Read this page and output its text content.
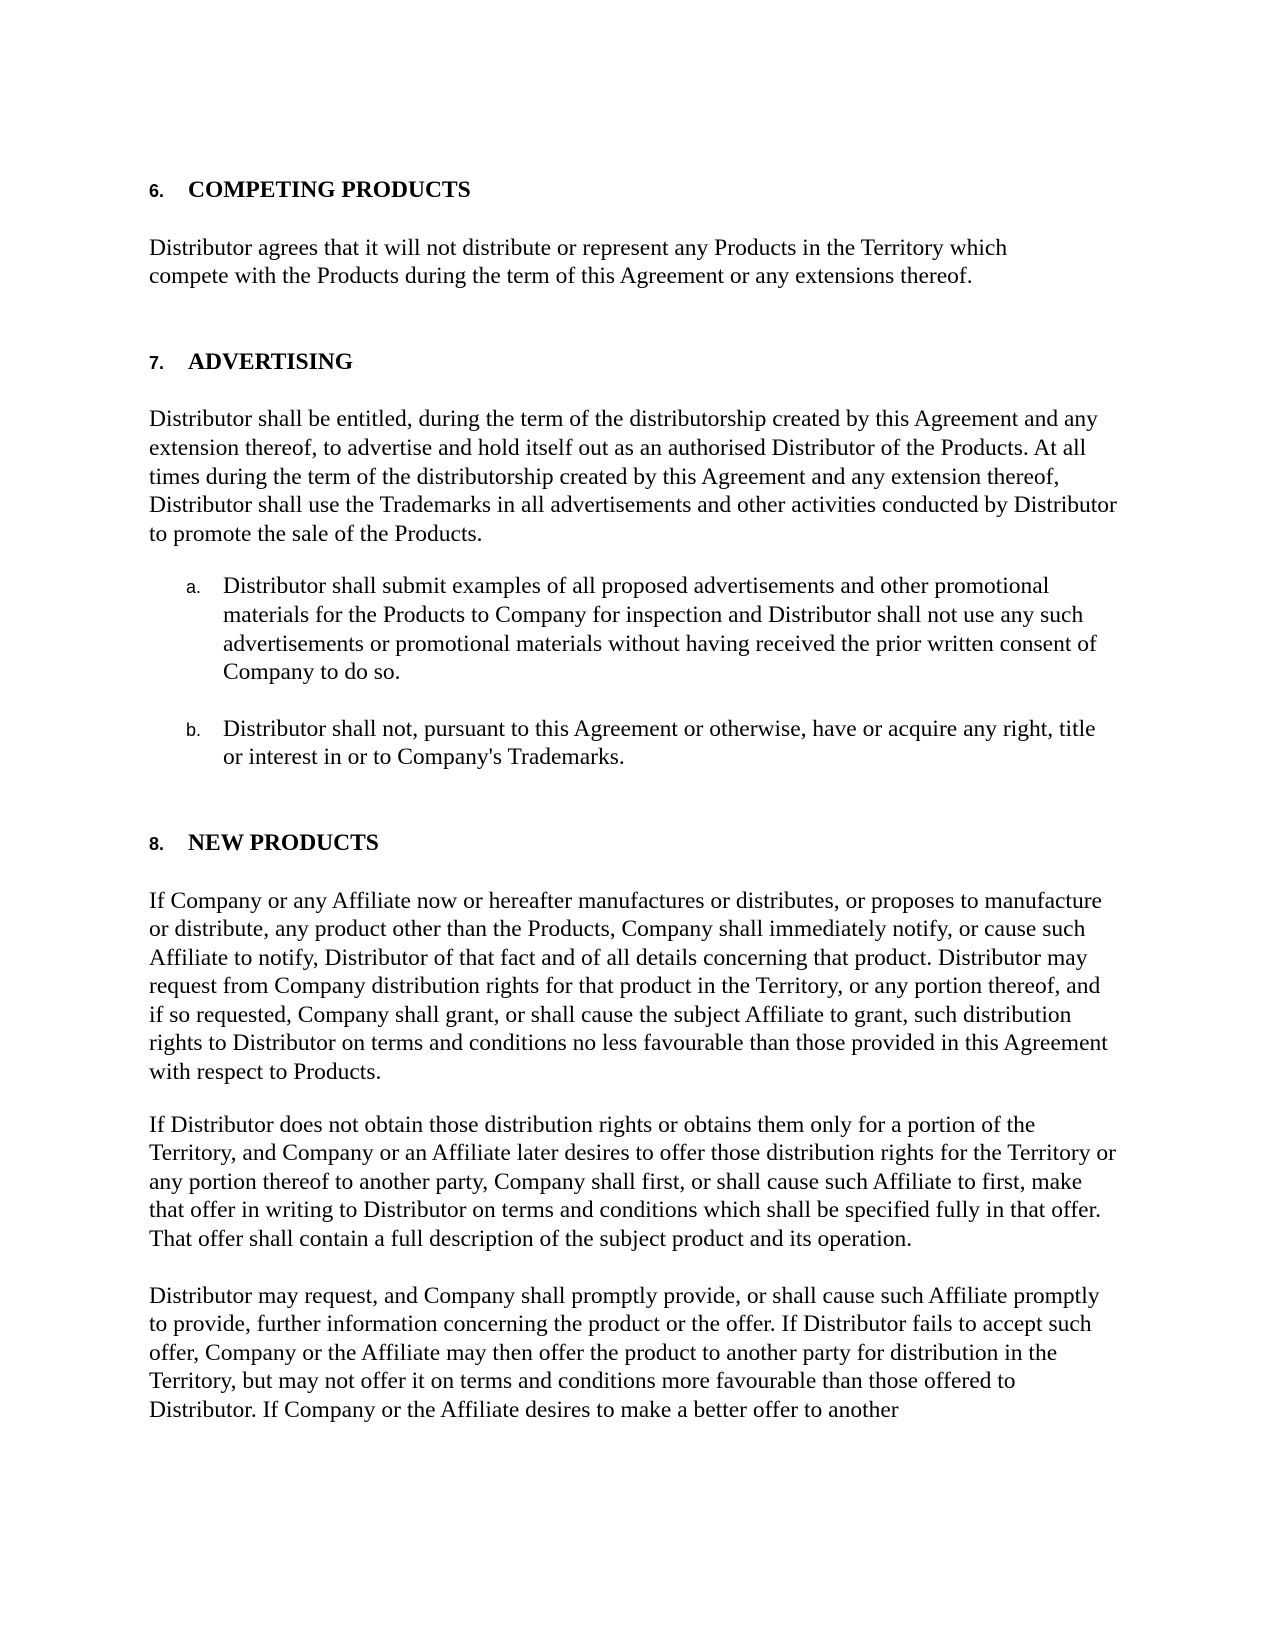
6.	COMPETING PRODUCTS

Distributor agrees that it will not distribute or represent any Products in the Territory which compete with the Products during the term of this Agreement or any extensions thereof.

7.	ADVERTISING

Distributor shall be entitled, during the term of the distributorship created by this Agreement and any extension thereof, to advertise and hold itself out as an authorised Distributor of the Products. At all times during the term of the distributorship created by this Agreement and any extension thereof, Distributor shall use the Trademarks in all advertisements and other activities conducted by Distributor to promote the sale of the Products.

a. Distributor shall submit examples of all proposed advertisements and other promotional materials for the Products to Company for inspection and Distributor shall not use any such advertisements or promotional materials without having received the prior written consent of Company to do so.
b. Distributor shall not, pursuant to this Agreement or otherwise, have or acquire any right, title or interest in or to Company's Trademarks.
8.	NEW PRODUCTS

If Company or any Affiliate now or hereafter manufactures or distributes, or proposes to manufacture or distribute, any product other than the Products, Company shall immediately notify, or cause such Affiliate to notify, Distributor of that fact and of all details concerning that product. Distributor may request from Company distribution rights for that product in the Territory, or any portion thereof, and if so requested, Company shall grant, or shall cause the subject Affiliate to grant, such distribution rights to Distributor on terms and conditions no less favourable than those provided in this Agreement with respect to Products.

If Distributor does not obtain those distribution rights or obtains them only for a portion of the Territory, and Company or an Affiliate later desires to offer those distribution rights for the Territory or any portion thereof to another party, Company shall first, or shall cause such Affiliate to first, make that offer in writing to Distributor on terms and conditions which shall be specified fully in that offer. That offer shall contain a full description of the subject product and its operation.

Distributor may request, and Company shall promptly provide, or shall cause such Affiliate promptly to provide, further information concerning the product or the offer. If Distributor fails to accept such offer, Company or the Affiliate may then offer the product to another party for distribution in the Territory, but may not offer it on terms and conditions more favourable than those offered to Distributor. If Company or the Affiliate desires to make a better offer to another
